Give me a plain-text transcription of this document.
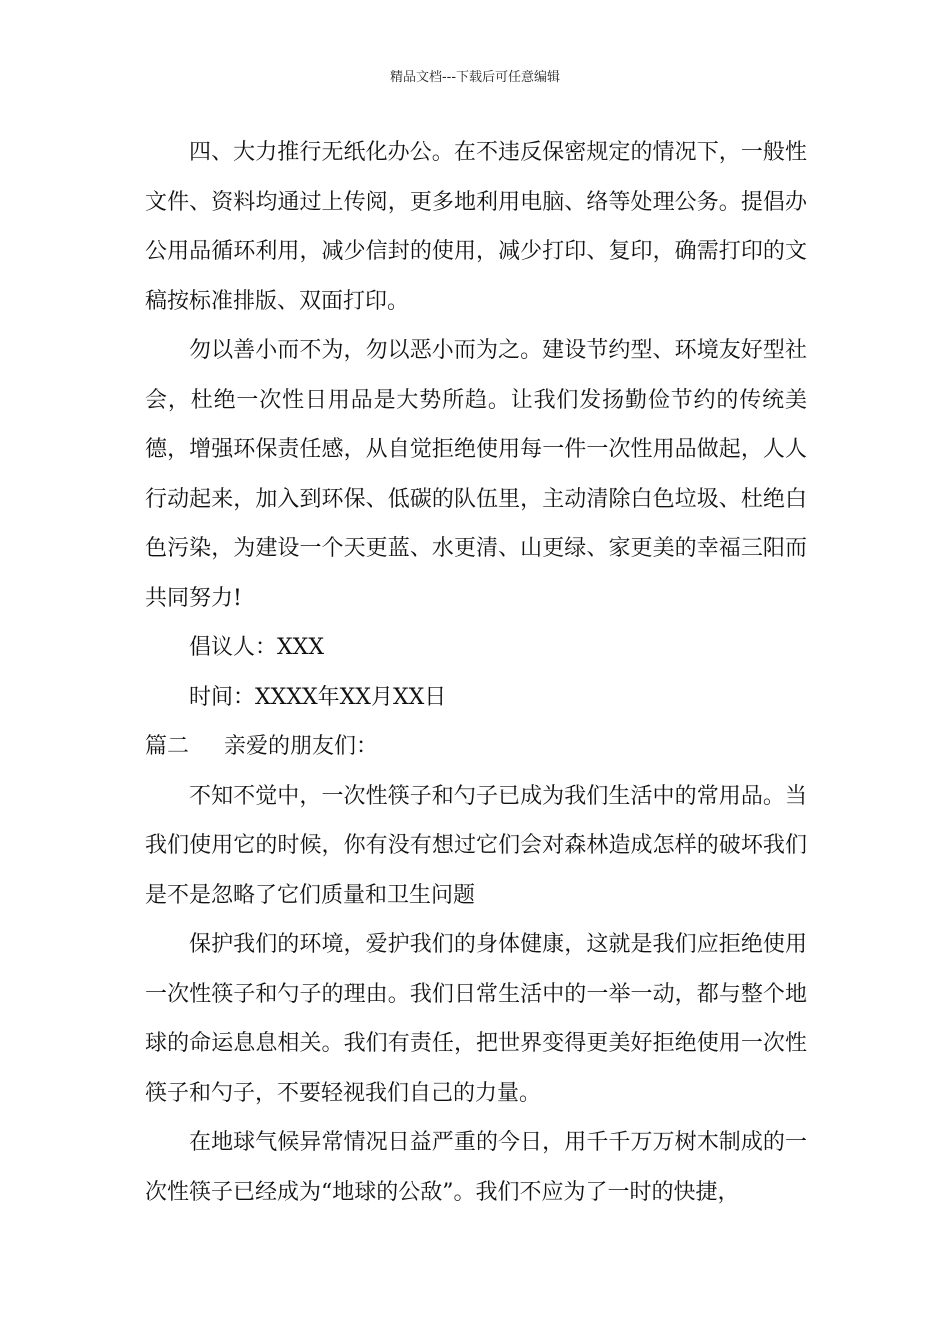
精品文档---下载后可任意编辑

四、大力推行无纸化办公。在不违反保密规定的情况下，一般性文件、资料均通过上传阅，更多地利用电脑、络等处理公务。提倡办公用品循环利用，减少信封的使用，减少打印、复印，确需打印的文稿按标准排版、双面打印。

勿以善小而不为，勿以恶小而为之。建设节约型、环境友好型社会，杜绝一次性日用品是大势所趋。让我们发扬勤俭节约的传统美德，增强环保责任感，从自觉拒绝使用每一件一次性用品做起，人人行动起来，加入到环保、低碳的队伍里，主动清除白色垃圾、杜绝白色污染，为建设一个天更蓝、水更清、山更绿、家更美的幸福三阳而共同努力!

倡议人：XXX

时间：XXXX年XX月XX日

篇二 亲爱的朋友们：

不知不觉中，一次性筷子和勺子已成为我们生活中的常用品。当我们使用它的时候，你有没有想过它们会对森林造成怎样的破坏我们是不是忽略了它们质量和卫生问题

保护我们的环境，爱护我们的身体健康，这就是我们应拒绝使用一次性筷子和勺子的理由。我们日常生活中的一举一动，都与整个地球的命运息息相关。我们有责任，把世界变得更美好拒绝使用一次性筷子和勺子，不要轻视我们自己的力量。

在地球气候异常情况日益严重的今日，用千千万万树木制成的一次性筷子已经成为“地球的公敌”。我们不应为了一时的快捷，
